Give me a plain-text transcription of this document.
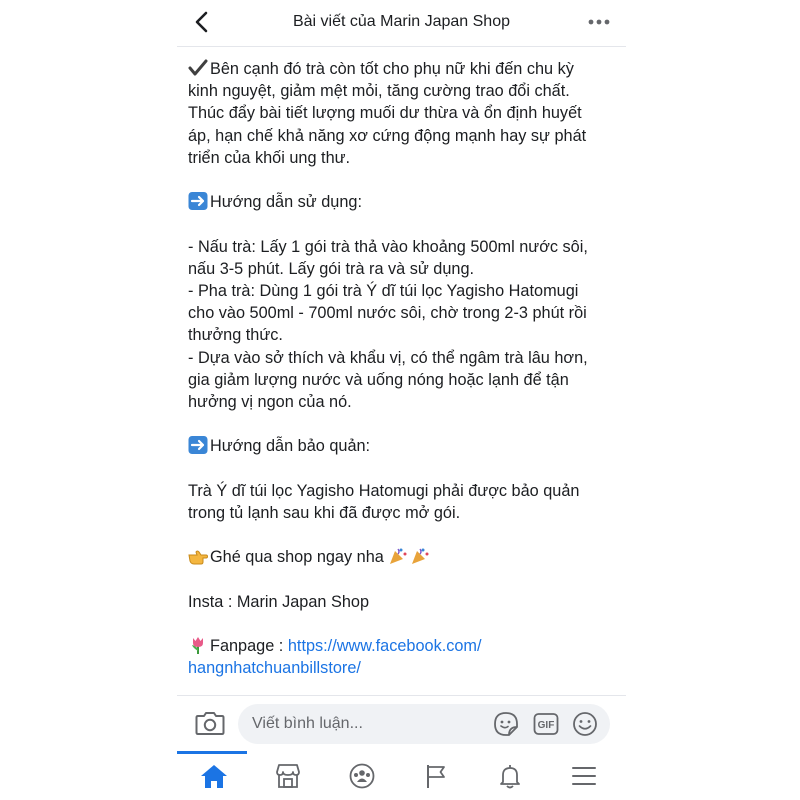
Bài viết của Marin Japan Shop

Bên cạnh đó trà còn tốt cho phụ nữ khi đến chu kỳ

kinh nguyệt, giảm mệt mỏi, tăng cường trao đổi chất.

Thúc đẩy bài tiết lượng muối dư thừa và ổn định huyết

áp, hạn chế khả năng xơ cứng động mạnh hay sự phát

triển của khối ung thư.

Hướng dẫn sử dụng:

- Nấu trà: Lấy 1 gói trà thả vào khoảng 500ml nước sôi,

nấu 3-5 phút. Lấy gói trà ra và sử dụng.

- Pha trà: Dùng 1 gói trà Ý dĩ túi lọc Yagisho Hatomugi

cho vào 500ml - 700ml nước sôi, chờ trong 2-3 phút rồi

thưởng thức.

- Dựa vào sở thích và khẩu vị, có thể ngâm trà lâu hơn,

gia giảm lượng nước và uống nóng hoặc lạnh để tận

hưởng vị ngon của nó.

Hướng dẫn bảo quản:

Trà Ý dĩ túi lọc Yagisho Hatomugi phải được bảo quản

trong tủ lạnh sau khi đã được mở gói.

Ghé qua shop ngay nha

Insta : Marin Japan Shop

Fanpage : https://www.facebook.com/

hangnhatchuanbillstore/

Viết bình luận...	GIF
